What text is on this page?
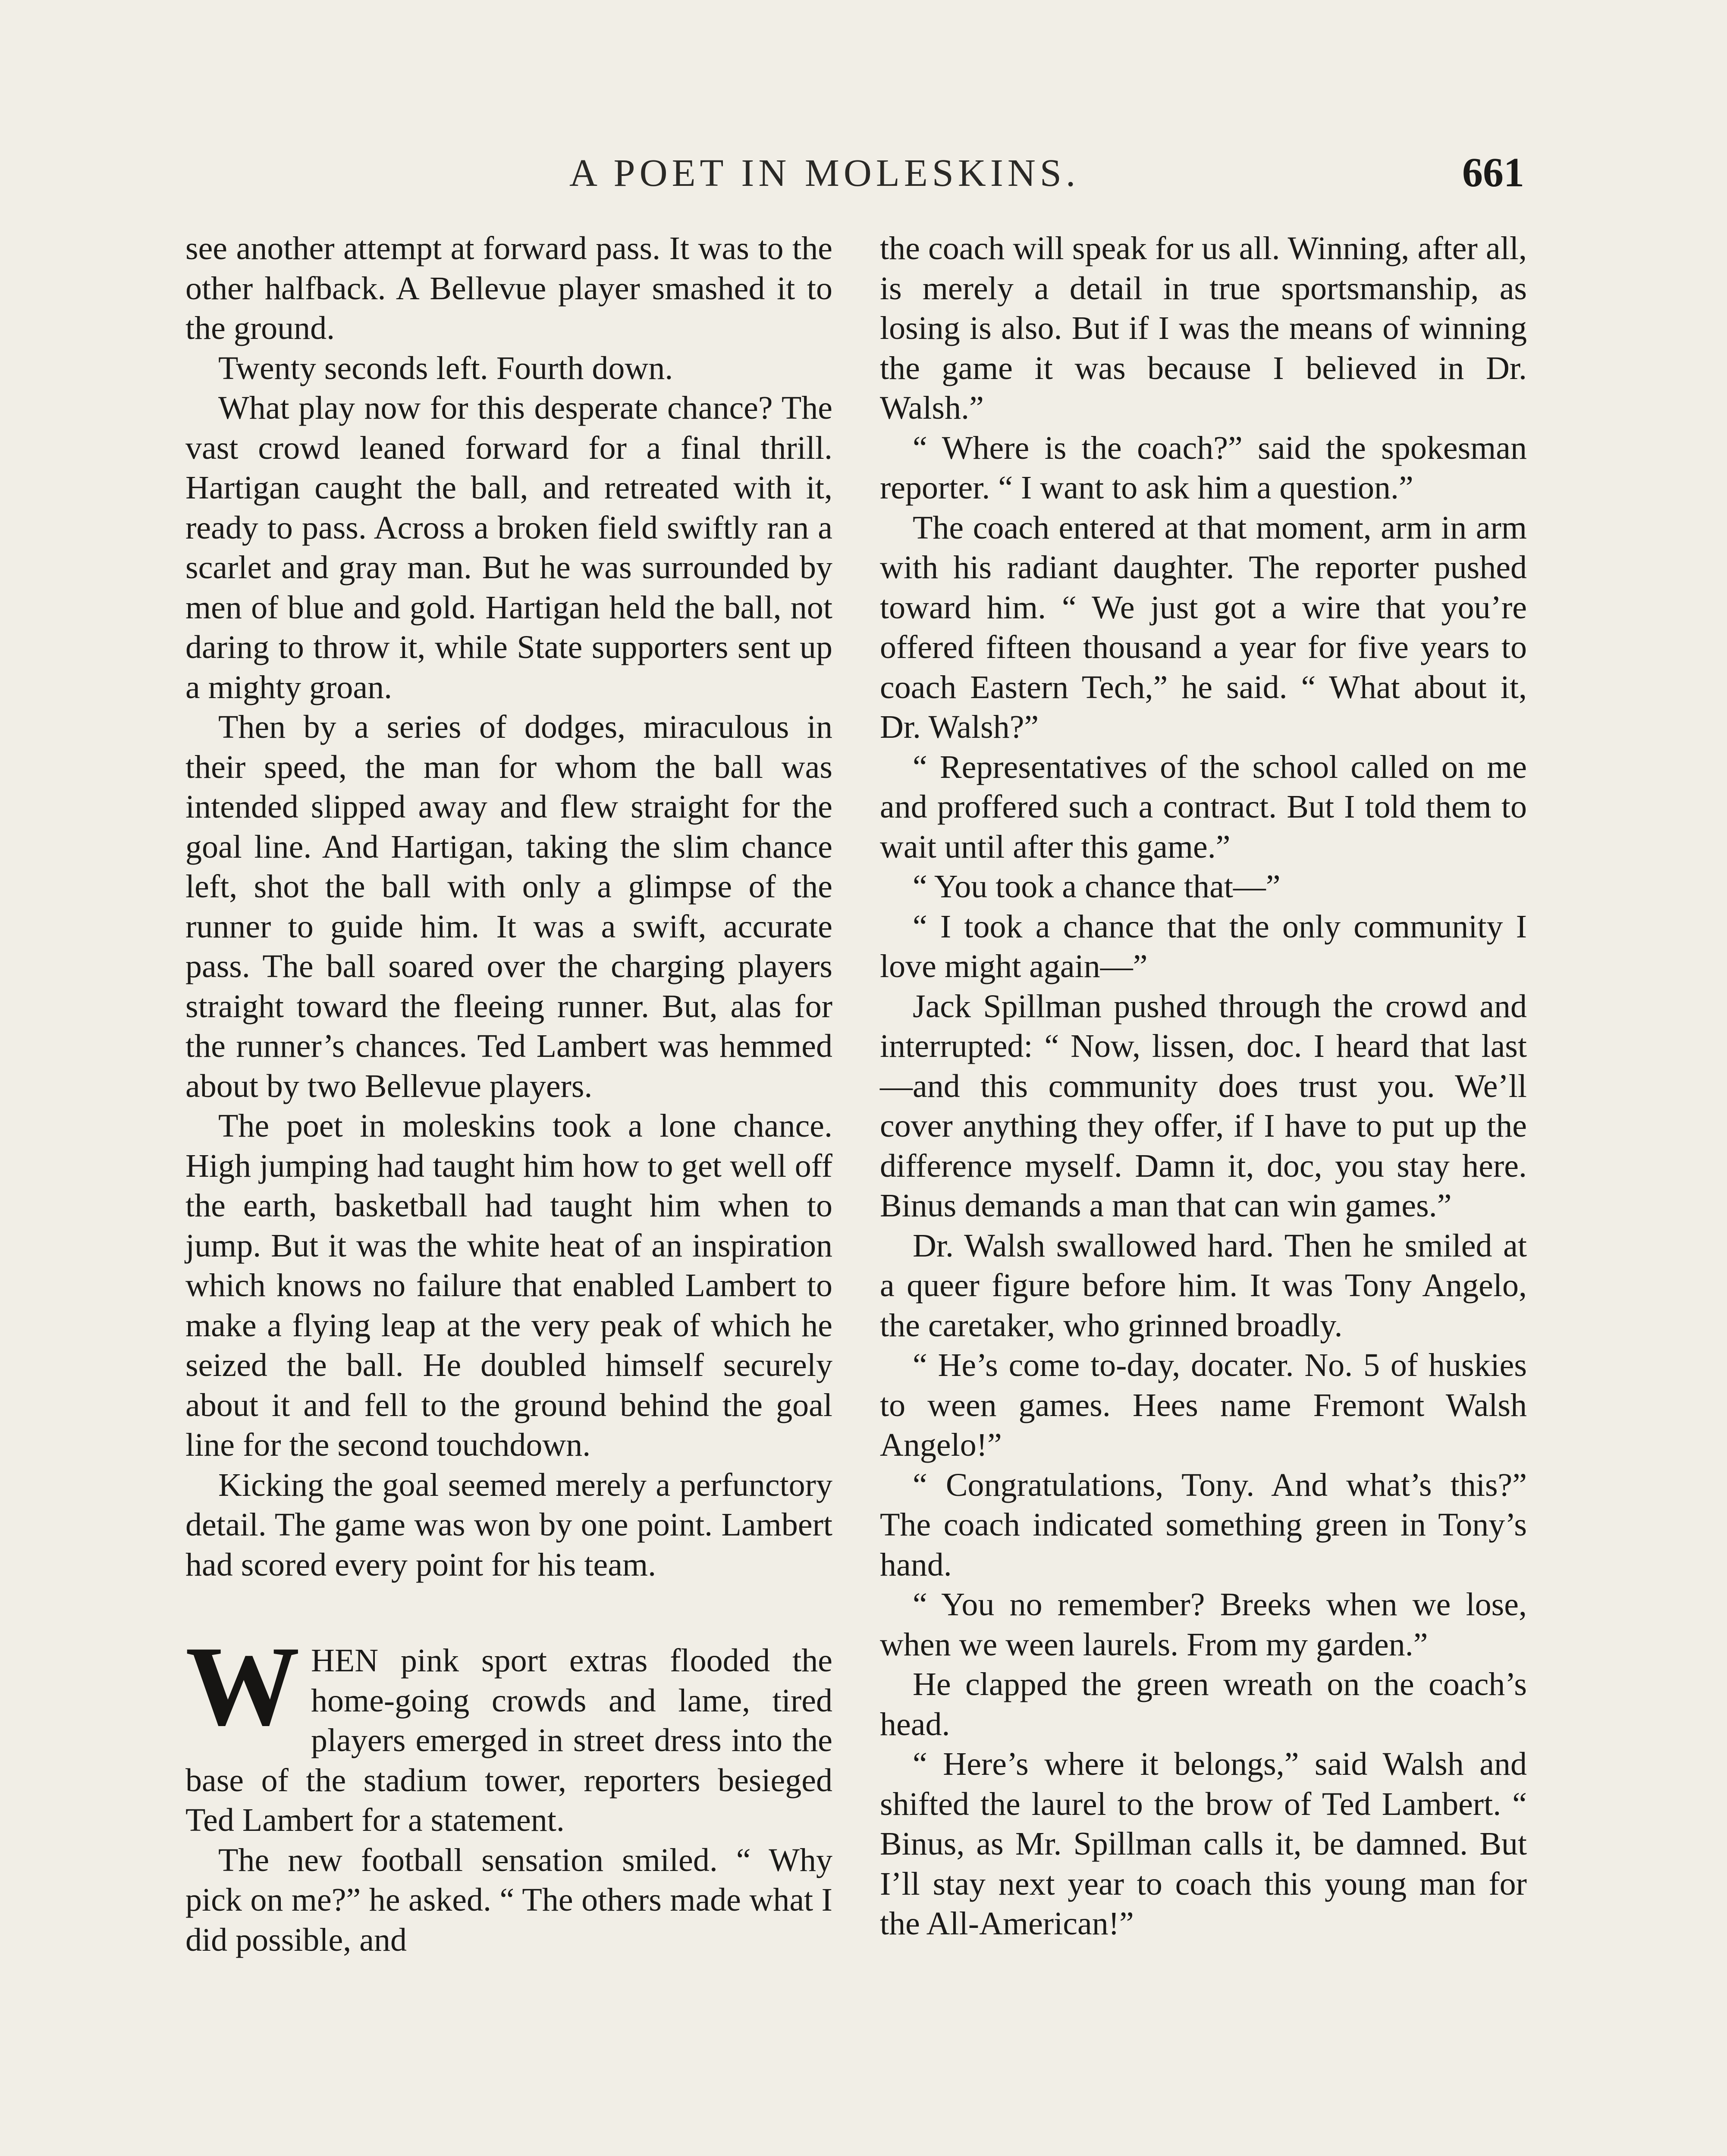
A POET IN MOLESKINS.	661

see another attempt at forward pass. It was to the other halfback. A Bellevue player smashed it to the ground.

Twenty seconds left. Fourth down.

What play now for this desperate chance? The vast crowd leaned forward for a final thrill. Hartigan caught the ball, and retreated with it, ready to pass. Across a broken field swiftly ran a scarlet and gray man. But he was surrounded by men of blue and gold. Hartigan held the ball, not daring to throw it, while State supporters sent up a mighty groan.

Then by a series of dodges, miraculous in their speed, the man for whom the ball was intended slipped away and flew straight for the goal line. And Hartigan, taking the slim chance left, shot the ball with only a glimpse of the runner to guide him. It was a swift, accurate pass. The ball soared over the charging players straight toward the fleeing runner. But, alas for the runner’s chances. Ted Lambert was hemmed about by two Bellevue players.

The poet in moleskins took a lone chance. High jumping had taught him how to get well off the earth, basketball had taught him when to jump. But it was the white heat of an inspiration which knows no failure that enabled Lambert to make a flying leap at the very peak of which he seized the ball. He doubled himself securely about it and fell to the ground behind the goal line for the second touchdown.

Kicking the goal seemed merely a perfunctory detail. The game was won by one point. Lambert had scored every point for his team.

WHEN pink sport extras flooded the home-going crowds and lame, tired players emerged in street dress into the base of the stadium tower, reporters besieged Ted Lambert for a statement.

The new football sensation smiled. “ Why pick on me?” he asked. “ The others made what I did possible, and

the coach will speak for us all. Winning, after all, is merely a detail in true sportsmanship, as losing is also. But if I was the means of winning the game it was because I believed in Dr. Walsh.”

“ Where is the coach?” said the spokesman reporter. “ I want to ask him a question.”

The coach entered at that moment, arm in arm with his radiant daughter. The reporter pushed toward him. “ We just got a wire that you’re offered fifteen thousand a year for five years to coach Eastern Tech,” he said. “ What about it, Dr. Walsh?”

“ Representatives of the school called on me and proffered such a contract. But I told them to wait until after this game.”

“ You took a chance that—”

“ I took a chance that the only community I love might again—”

Jack Spillman pushed through the crowd and interrupted: “ Now, lissen, doc. I heard that last—and this community does trust you. We’ll cover anything they offer, if I have to put up the difference myself. Damn it, doc, you stay here. Binus demands a man that can win games.”

Dr. Walsh swallowed hard. Then he smiled at a queer figure before him. It was Tony Angelo, the caretaker, who grinned broadly.

“ He’s come to-day, docater. No. 5 of huskies to ween games. Hees name Fremont Walsh Angelo!”

“ Congratulations, Tony. And what’s this?” The coach indicated something green in Tony’s hand.

“ You no remember? Breeks when we lose, when we ween laurels. From my garden.”

He clapped the green wreath on the coach’s head.

“ Here’s where it belongs,” said Walsh and shifted the laurel to the brow of Ted Lambert. “ Binus, as Mr. Spillman calls it, be damned. But I’ll stay next year to coach this young man for the All-American!”
